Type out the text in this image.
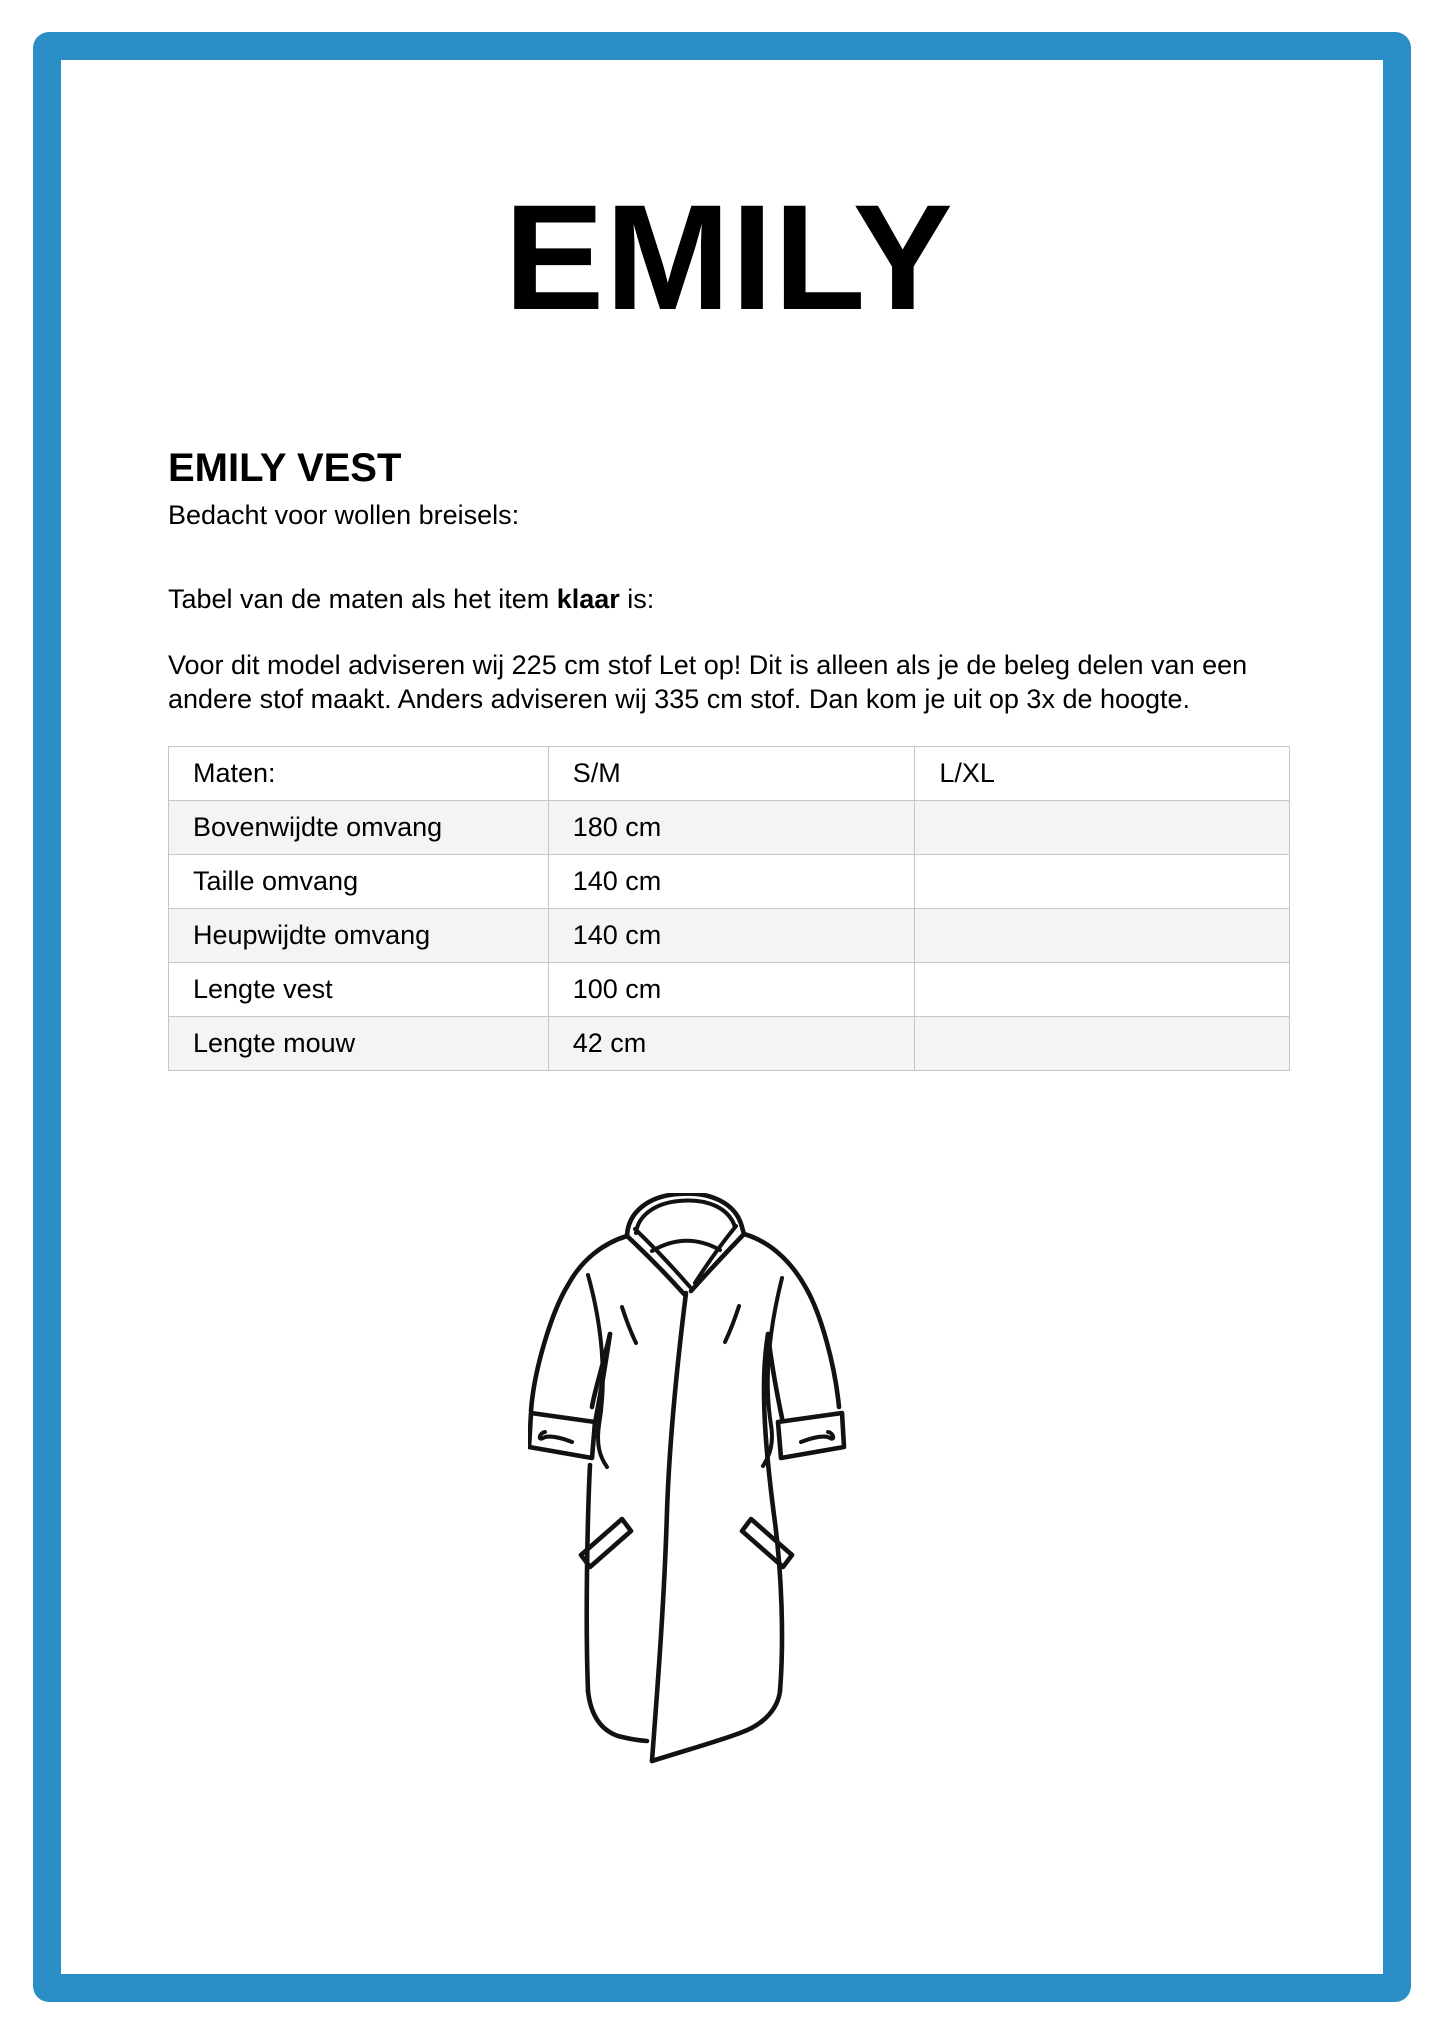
EMILY
EMILY VEST
Bedacht voor wollen breisels:
Tabel van de maten als het item klaar is:
Voor dit model adviseren wij 225 cm stof Let op! Dit is alleen als je de beleg delen van een andere stof maakt. Anders adviseren wij 335 cm stof. Dan kom je uit op 3x de hoogte.
Maten:	S/M	L/XL
Bovenwijdte omvang	180 cm	
Taille omvang	140 cm	
Heupwijdte omvang	140 cm	
Lengte vest	100 cm	
Lengte mouw	42 cm	
